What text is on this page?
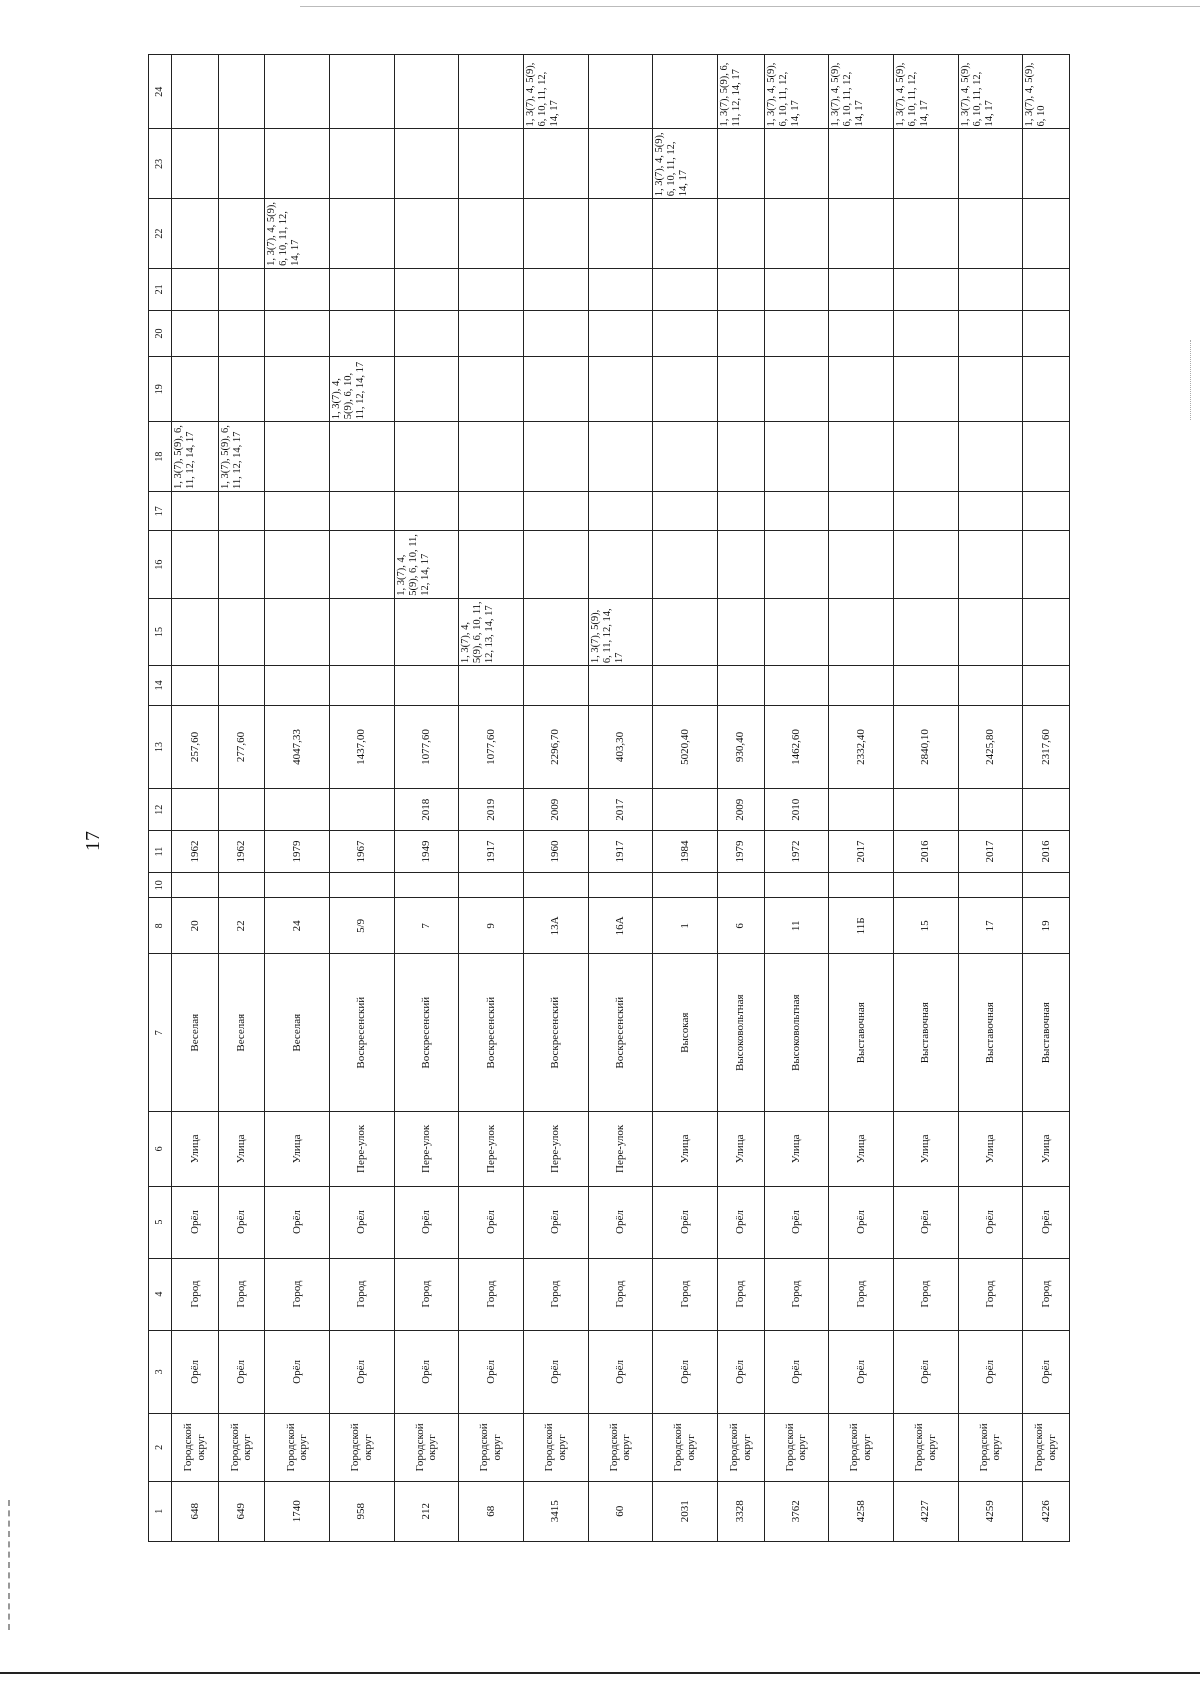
17
1	2	3	4	5	6	7	8	10	11	12	13	14	15	16	17	18	19	20	21	22	23	24
648	Городской округ	Орёл	Город	Орёл	Улица	Веселая	20		1962		257,60					1, 3(7), 5(9), 6, 11, 12, 14, 17						
649	Городской округ	Орёл	Город	Орёл	Улица	Веселая	22		1962		277,60					1, 3(7), 5(9), 6, 11, 12, 14, 17						
1740	Городской округ	Орёл	Город	Орёл	Улица	Веселая	24		1979		4047,33									1, 3(7), 4, 5(9), 6, 10, 11, 12, 14, 17		
958	Городской округ	Орёл	Город	Орёл	Пере-улок	Воскресенский	5/9		1967		1437,00						1, 3(7), 4, 5(9), 6, 10, 11, 12, 14, 17					
212	Городской округ	Орёл	Город	Орёл	Пере-улок	Воскресенский	7		1949	2018	1077,60			1, 3(7), 4, 5(9), 6, 10, 11, 12, 14, 17								
68	Городской округ	Орёл	Город	Орёл	Пере-улок	Воскресенский	9		1917	2019	1077,60		1, 3(7), 4, 5(9), 6, 10, 11, 12, 13, 14, 17									
3415	Городской округ	Орёл	Город	Орёл	Пере-улок	Воскресенский	13А		1960	2009	2296,70											1, 3(7), 4, 5(9), 6, 10, 11, 12, 14, 17
60	Городской округ	Орёл	Город	Орёл	Пере-улок	Воскресенский	16А		1917	2017	403,30		1, 3(7), 5(9), 6, 11, 12, 14, 17									
2031	Городской округ	Орёл	Город	Орёл	Улица	Высокая	1		1984		5020,40										1, 3(7), 4, 5(9), 6, 10, 11, 12, 14, 17	
3328	Городской округ	Орёл	Город	Орёл	Улица	Высоковольтная	6		1979	2009	930,40											1, 3(7), 5(9), 6, 11, 12, 14, 17
3762	Городской округ	Орёл	Город	Орёл	Улица	Высоковольтная	11		1972	2010	1462,60											1, 3(7), 4, 5(9), 6, 10, 11, 12, 14, 17
4258	Городской округ	Орёл	Город	Орёл	Улица	Выставочная	11Б		2017		2332,40											1, 3(7), 4, 5(9), 6, 10, 11, 12, 14, 17
4227	Городской округ	Орёл	Город	Орёл	Улица	Выставочная	15		2016		2840,10											1, 3(7), 4, 5(9), 6, 10, 11, 12, 14, 17
4259	Городской округ	Орёл	Город	Орёл	Улица	Выставочная	17		2017		2425,80											1, 3(7), 4, 5(9), 6, 10, 11, 12, 14, 17
4226	Городской округ	Орёл	Город	Орёл	Улица	Выставочная	19		2016		2317,60											1, 3(7), 4, 5(9), 6, 10
